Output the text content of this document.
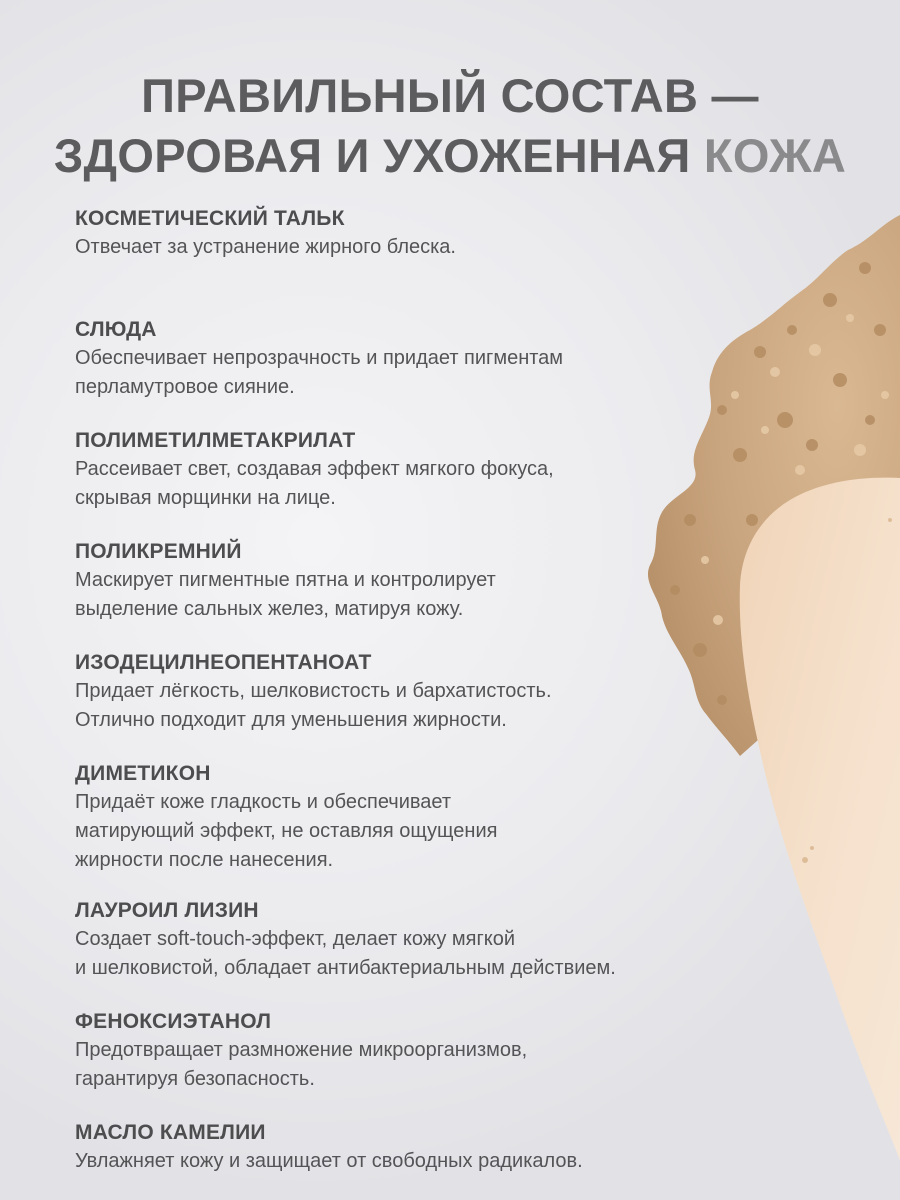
ПРАВИЛЬНЫЙ СОСТАВ —
ЗДОРОВАЯ И УХОЖЕННАЯ КОЖА
КОСМЕТИЧЕСКИЙ ТАЛЬК
Отвечает за устранение жирного блеска.
СЛЮДА
Обеспечивает непрозрачность и придает пигментам
перламутровое сияние.
ПОЛИМЕТИЛМЕТАКРИЛАТ
Рассеивает свет, создавая эффект мягкого фокуса,
скрывая морщинки на лице.
ПОЛИКРЕМНИЙ
Маскирует пигментные пятна и контролирует
выделение сальных желез, матируя кожу.
ИЗОДЕЦИЛНЕОПЕНТАНОАТ
Придает лёгкость, шелковистость и бархатистость.
Отлично подходит для уменьшения жирности.
ДИМЕТИКОН
Придаёт коже гладкость и обеспечивает
матирующий эффект, не оставляя ощущения
жирности после нанесения.
ЛАУРОИЛ ЛИЗИН
Создает soft-touch-эффект, делает кожу мягкой
и шелковистой, обладает антибактериальным действием.
ФЕНОКСИЭТАНОЛ
Предотвращает размножение микроорганизмов,
гарантируя безопасность.
МАСЛО КАМЕЛИИ
Увлажняет кожу и защищает от свободных радикалов.
